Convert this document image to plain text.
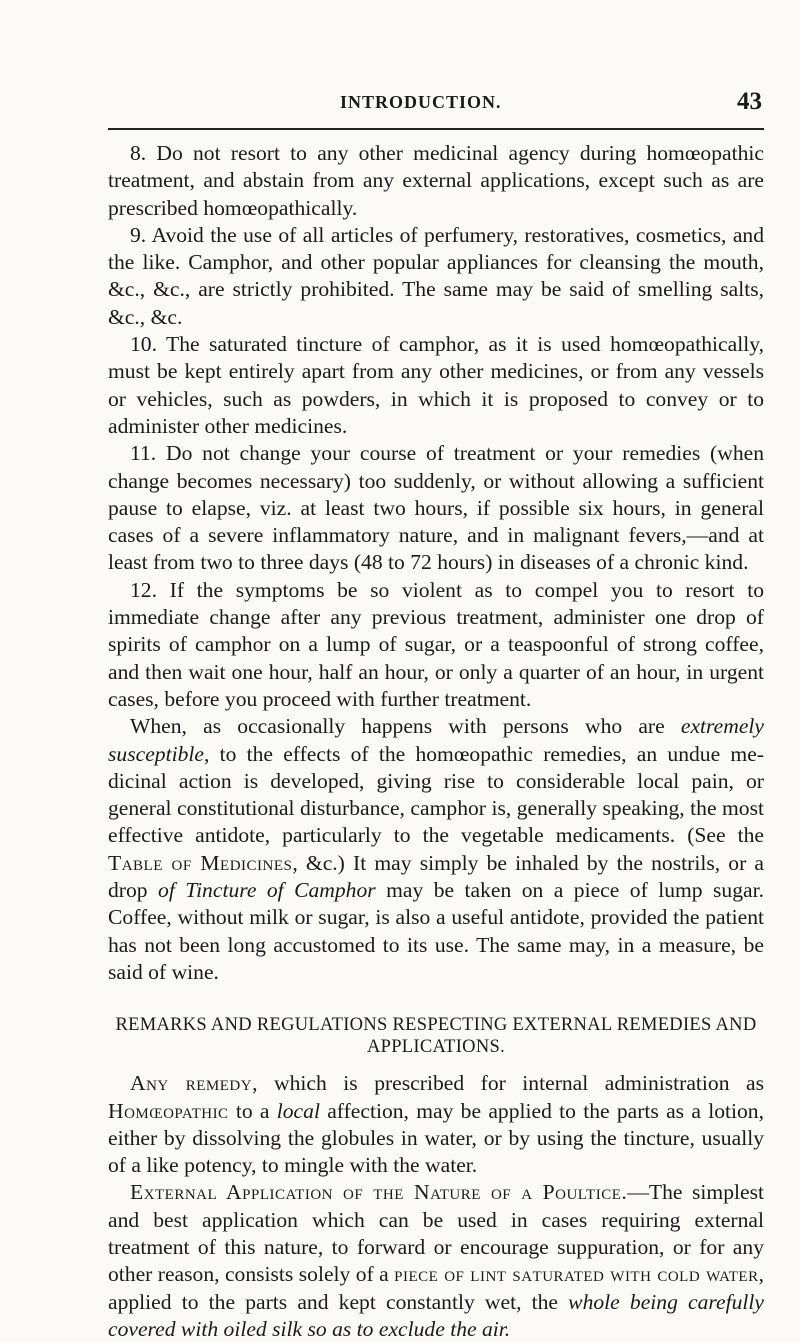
INTRODUCTION.	43

8. Do not resort to any other medicinal agency during homœopathic treatment, and abstain from any external applications, except such as are prescribed homœopathically.

9. Avoid the use of all articles of perfumery, restoratives, cosmetics, and the like. Camphor, and other popular appliances for cleansing the mouth, &c., &c., are strictly prohibited. The same may be said of smelling salts, &c., &c.

10. The saturated tincture of camphor, as it is used homœopathically, must be kept entirely apart from any other medicines, or from any vessels or vehicles, such as powders, in which it is proposed to convey or to administer other medicines.

11. Do not change your course of treatment or your remedies (when change becomes necessary) too suddenly, or without allowing a sufficient pause to elapse, viz. at least two hours, if possible six hours, in general cases of a severe inflammatory nature, and in malignant fevers,—and at least from two to three days (48 to 72 hours) in diseases of a chronic kind.

12. If the symptoms be so violent as to compel you to resort to immediate change after any previous treatment, administer one drop of spirits of camphor on a lump of sugar, or a teaspoonful of strong coffee, and then wait one hour, half an hour, or only a quarter of an hour, in urgent cases, before you proceed with further treatment.

When, as occasionally happens with persons who are extremely susceptible, to the effects of the homœopathic remedies, an undue medicinal action is developed, giving rise to considerable local pain, or general constitutional disturbance, camphor is, generally speaking, the most effective antidote, particularly to the vegetable medicaments. (See the Table of Medicines, &c.) It may simply be inhaled by the nostrils, or a drop of Tincture of Camphor may be taken on a piece of lump sugar. Coffee, without milk or sugar, is also a useful antidote, provided the patient has not been long accustomed to its use. The same may, in a measure, be said of wine.

REMARKS AND REGULATIONS RESPECTING EXTERNAL REMEDIES AND APPLICATIONS.

Any remedy, which is prescribed for internal administration as Homœopathic to a local affection, may be applied to the parts as a lotion, either by dissolving the globules in water, or by using the tincture, usually of a like potency, to mingle with the water.

External Application of the Nature of a Poultice.—The simplest and best application which can be used in cases requiring external treatment of this nature, to forward or encourage suppuration, or for any other reason, consists solely of a piece of lint saturated with cold water, applied to the parts and kept constantly wet, the whole being carefully covered with oiled silk so as to exclude the air.
